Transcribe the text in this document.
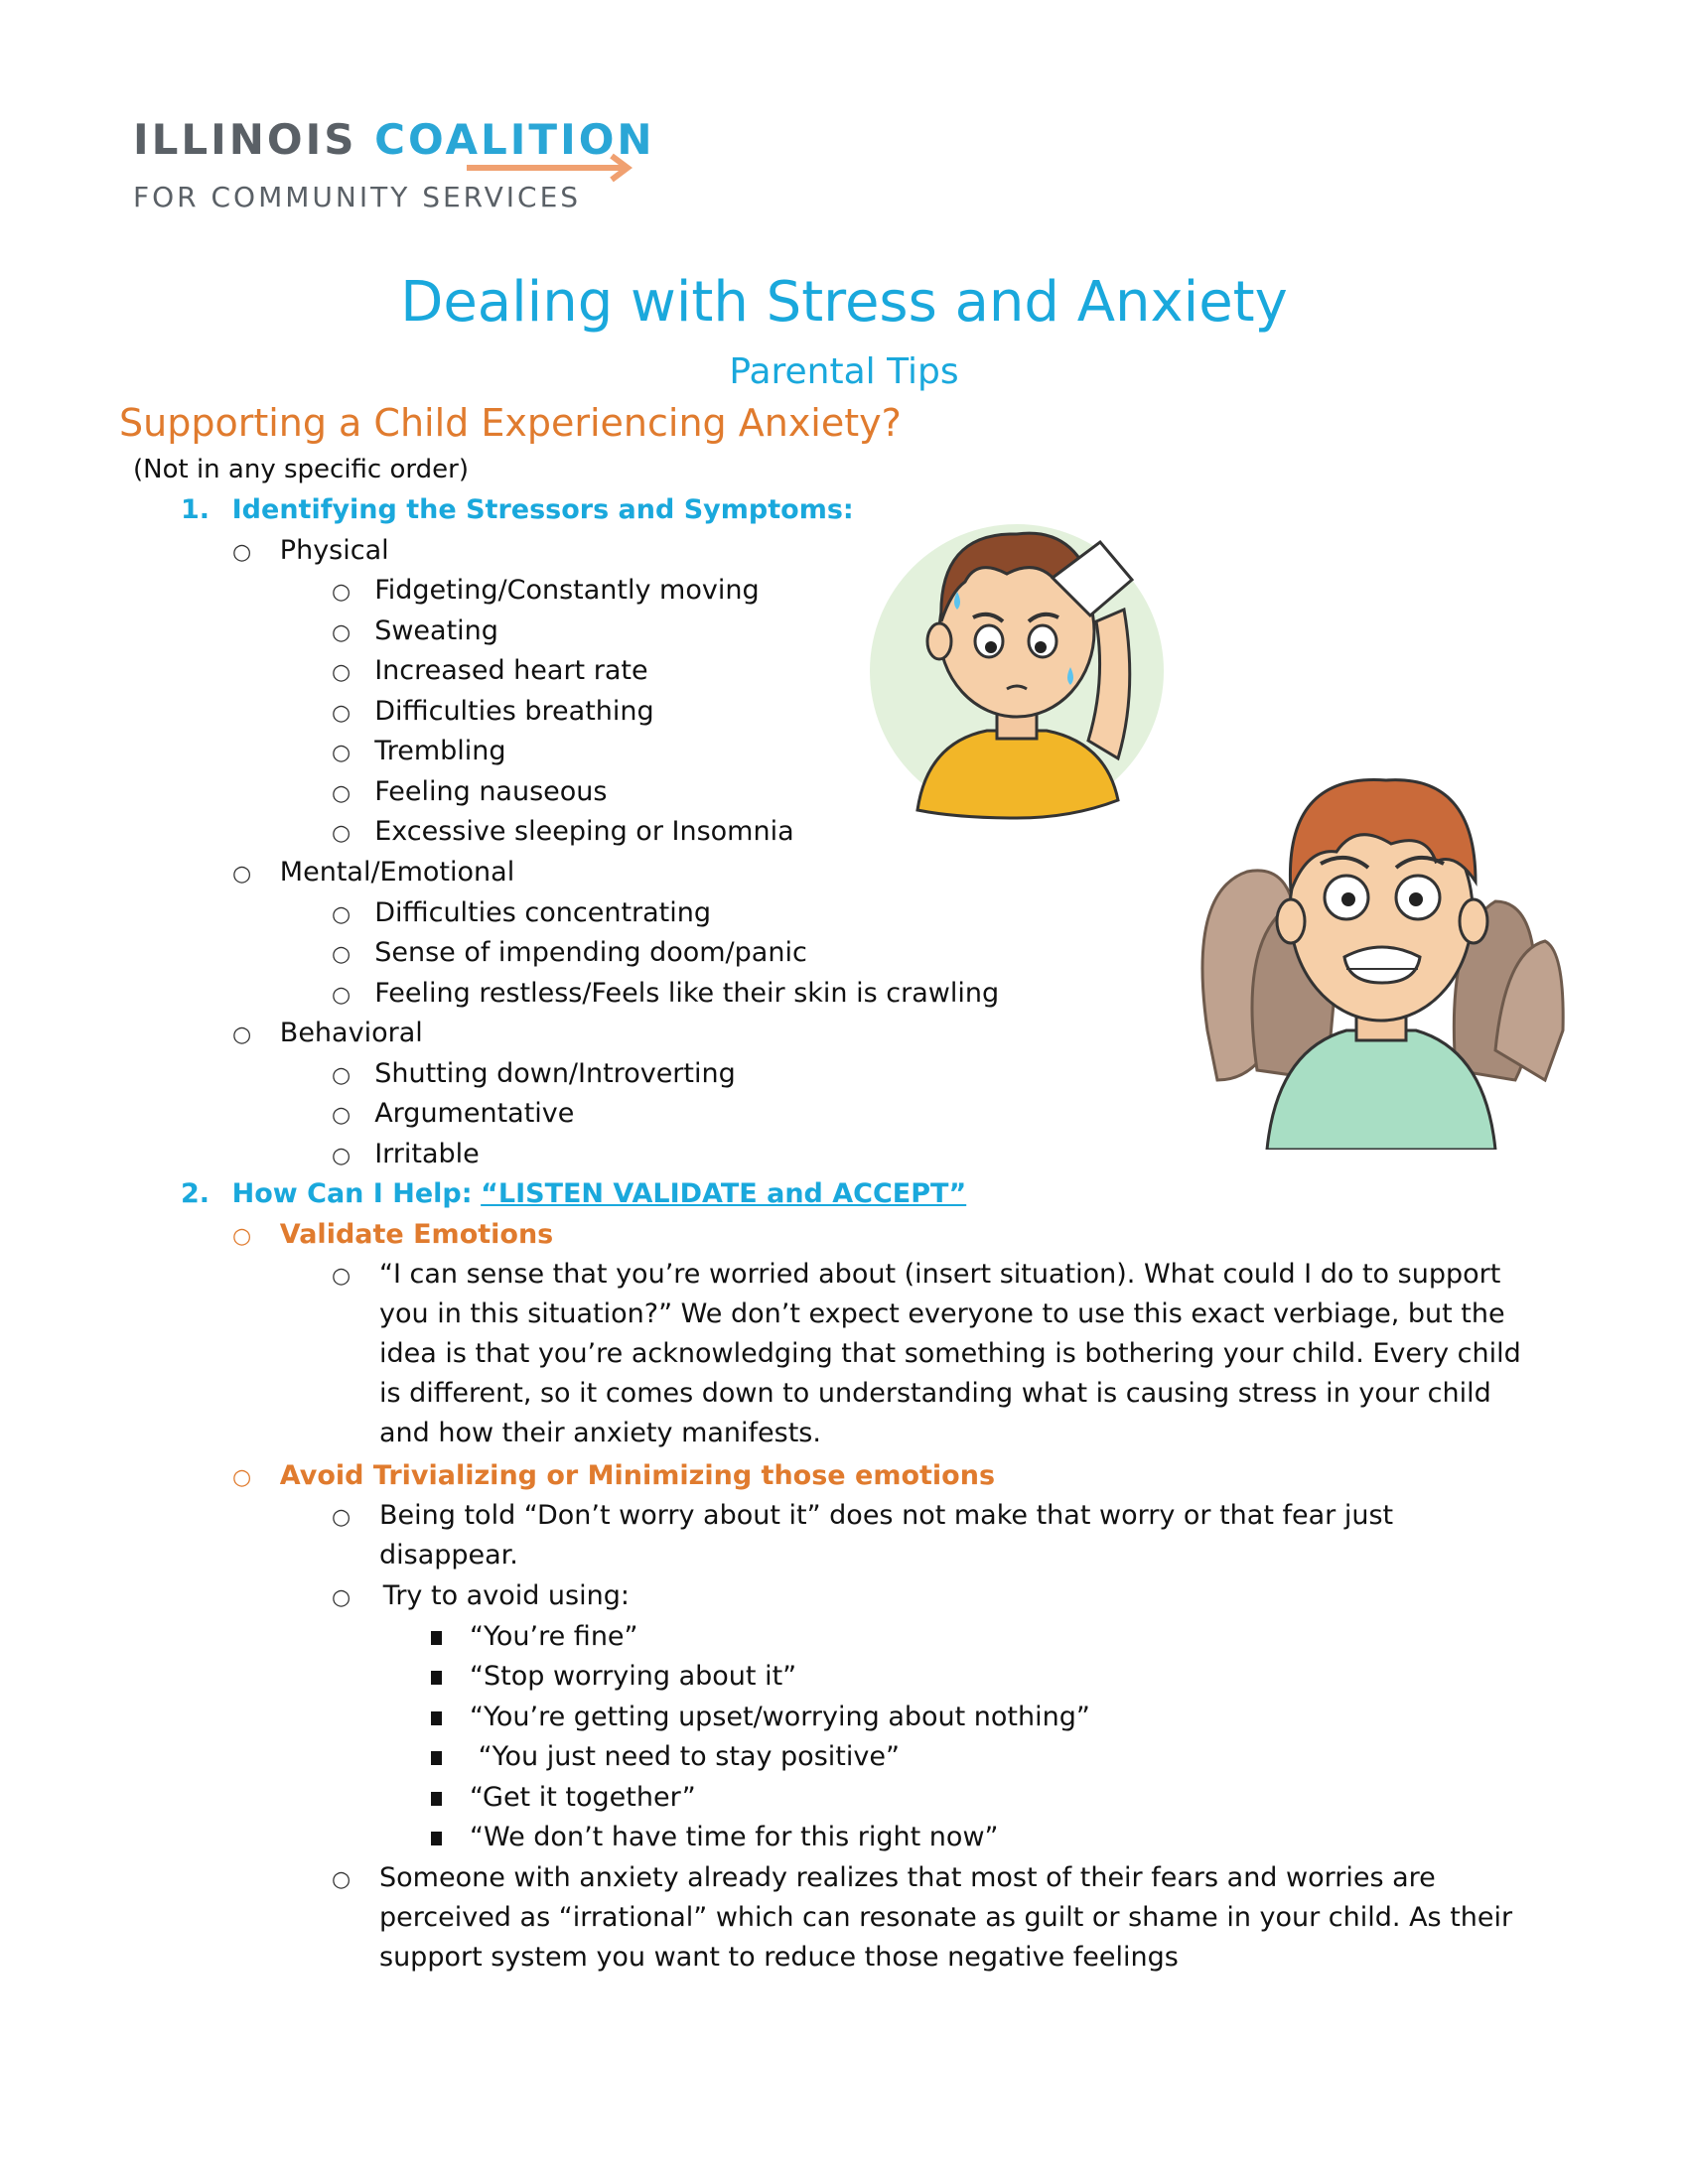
ILLINOIS COALITION
FOR COMMUNITY SERVICES
Dealing with Stress and Anxiety
Parental Tips
Supporting a Child Experiencing Anxiety?
(Not in any specific order)
1. Identifying the Stressors and Symptoms:
○ Physical
○ Fidgeting/Constantly moving
○ Sweating
○ Increased heart rate
○ Difficulties breathing
○ Trembling
○ Feeling nauseous
○ Excessive sleeping or Insomnia
○ Mental/Emotional
○ Difficulties concentrating
○ Sense of impending doom/panic
○ Feeling restless/Feels like their skin is crawling
○ Behavioral
○ Shutting down/Introverting
○ Argumentative
○ Irritable
2. How Can I Help: “LISTEN VALIDATE and ACCEPT”
○ Validate Emotions
○ “I can sense that you’re worried about (insert situation). What could I do to support
you in this situation?” We don’t expect everyone to use this exact verbiage, but the
idea is that you’re acknowledging that something is bothering your child. Every child
is different, so it comes down to understanding what is causing stress in your child
and how their anxiety manifests.
○ Avoid Trivializing or Minimizing those emotions
○ Being told “Don’t worry about it” does not make that worry or that fear just
disappear.
○ Try to avoid using:
“You’re fine”
“Stop worrying about it”
“You’re getting upset/worrying about nothing”
“You just need to stay positive”
“Get it together”
“We don’t have time for this right now”
○ Someone with anxiety already realizes that most of their fears and worries are
perceived as “irrational” which can resonate as guilt or shame in your child. As their
support system you want to reduce those negative feelings
